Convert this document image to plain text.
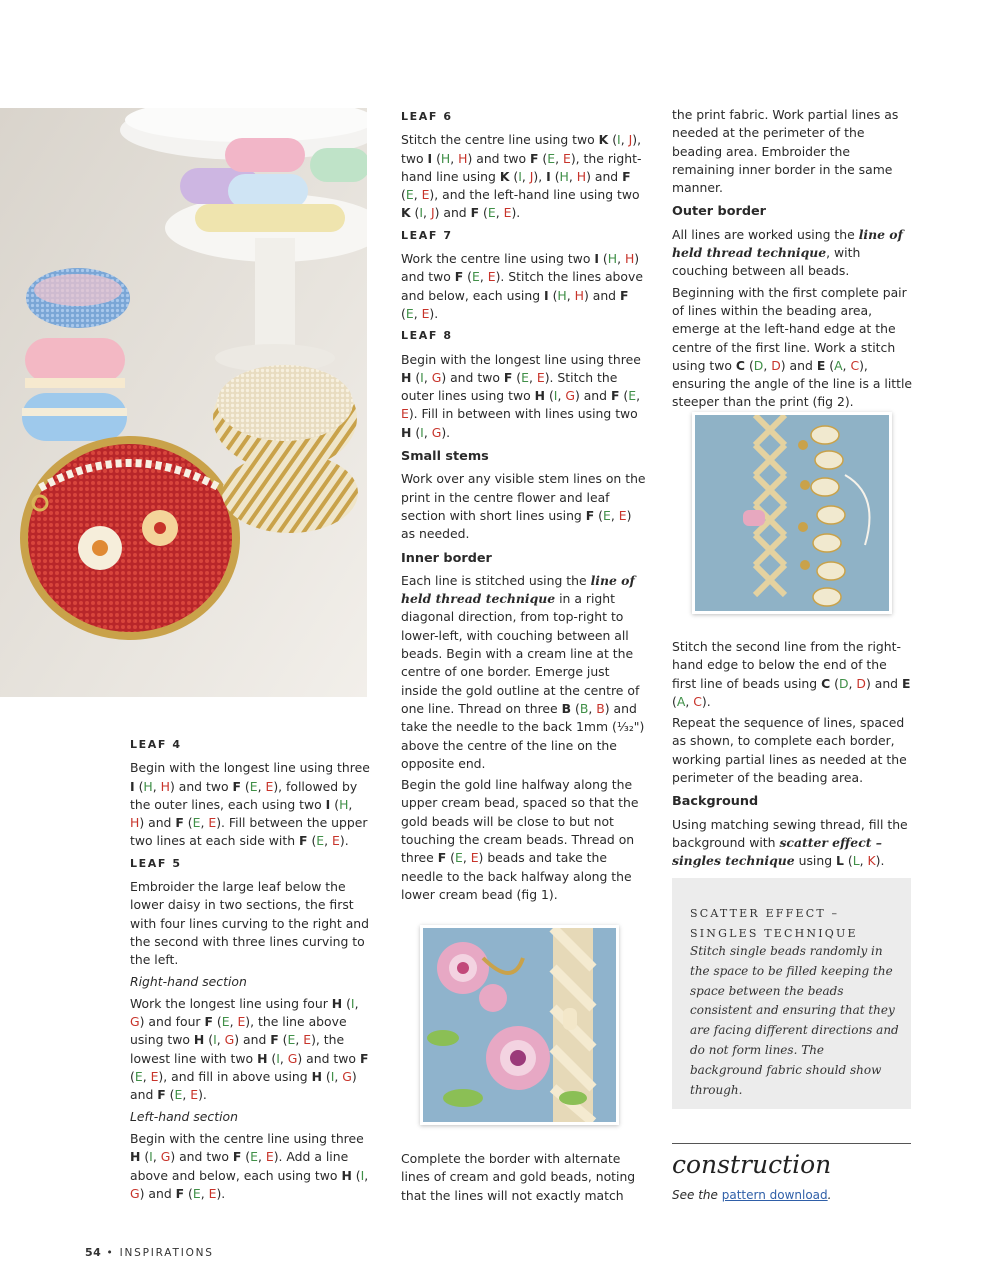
LEAF 4

Begin with the longest line using three I (H, H) and two F (E, E), followed by the outer lines, each using two I (H, H) and F (E, E). Fill between the upper two lines at each side with F (E, E).

LEAF 5

Embroider the large leaf below the lower daisy in two sections, the first with four lines curving to the right and the second with three lines curving to the left.

Right-hand section

Work the longest line using four H (I, G) and four F (E, E), the line above using two H (I, G) and F (E, E), the lowest line with two H (I, G) and two F (E, E), and fill in above using H (I, G) and F (E, E).

Left-hand section

Begin with the centre line using three H (I, G) and two F (E, E). Add a line above and below, each using two H (I, G) and F (E, E).

LEAF 6

Stitch the centre line using two K (I, J), two I (H, H) and two F (E, E), the right-hand line using K (I, J), I (H, H) and F (E, E), and the left-hand line using two K (I, J) and F (E, E).

LEAF 7

Work the centre line using two I (H, H) and two F (E, E). Stitch the lines above and below, each using I (H, H) and F (E, E).

LEAF 8

Begin with the longest line using three H (I, G) and two F (E, E). Stitch the outer lines using two H (I, G) and F (E, E). Fill in between with lines using two H (I, G).

Small stems

Work over any visible stem lines on the print in the centre flower and leaf section with short lines using F (E, E) as needed.

Inner border

Each line is stitched using the line of held thread technique in a right diagonal direction, from top-right to lower-left, with couching between all beads. Begin with a cream line at the centre of one border. Emerge just inside the gold outline at the centre of one line. Thread on three B (B, B) and take the needle to the back 1mm (¹⁄₃₂") above the centre of the line on the opposite end.

Begin the gold line halfway along the upper cream bead, spaced so that the gold beads will be close to but not touching the cream beads. Thread on three F (E, E) beads and take the needle to the back halfway along the lower cream bead (fig 1).

Complete the border with alternate lines of cream and gold beads, noting that the lines will not exactly match

the print fabric. Work partial lines as needed at the perimeter of the beading area. Embroider the remaining inner border in the same manner.

Outer border

All lines are worked using the line of held thread technique, with couching between all beads.

Beginning with the first complete pair of lines within the beading area, emerge at the left-hand edge at the centre of the first line. Work a stitch using two C (D, D) and E (A, C), ensuring the angle of the line is a little steeper than the print (fig 2).

Stitch the second line from the right-hand edge to below the end of the first line of beads using C (D, D) and E (A, C).

Repeat the sequence of lines, spaced as shown, to complete each border, working partial lines as needed at the perimeter of the beading area.

Background

Using matching sewing thread, fill the background with scatter effect – singles technique using L (L, K).

SCATTER EFFECT –
SINGLES TECHNIQUE
Stitch single beads randomly in the space to be filled keeping the space between the beads consistent and ensuring that they are facing different directions and do not form lines. The background fabric should show through.
construction
See the pattern download.
54 • INSPIRATIONS
